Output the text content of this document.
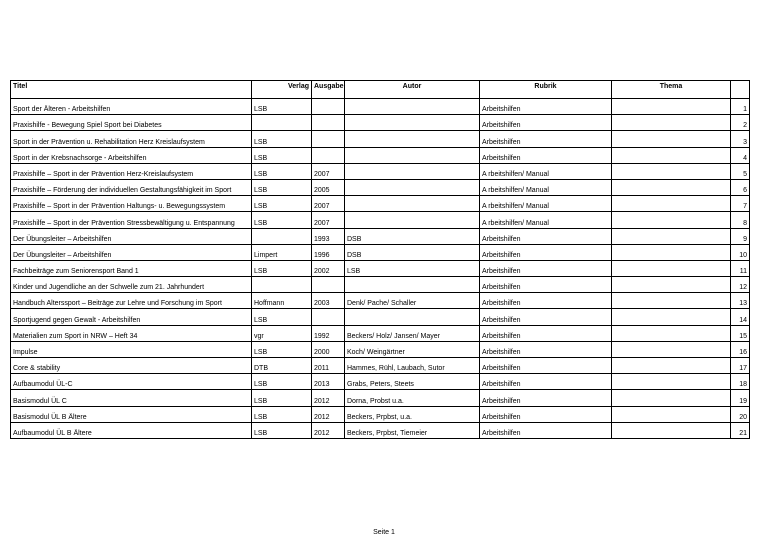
Titel	Verlag	Ausgabe	Autor	Rubrik	Thema	
Sport der Älteren - Arbeitshilfen	LSB			Arbeitshilfen		1
Praxishilfe - Bewegung Spiel Sport bei Diabetes				Arbeitshilfen		2
Sport in der Prävention u. Rehabilitation Herz Kreislaufsystem	LSB			Arbeitshilfen		3
Sport in der Krebsnachsorge - Arbeitshilfen	LSB			Arbeitshilfen		4
Praxishilfe – Sport in der Prävention Herz-Kreislaufsystem	LSB	2007		A rbeitshilfen/ Manual		5
Praxishilfe – Förderung der individuellen Gestaltungsfähigkeit im Sport	LSB	2005		A rbeitshilfen/ Manual		6
Praxishilfe – Sport in der Prävention Haltungs- u. Bewegungssystem	LSB	2007		A rbeitshilfen/ Manual		7
Praxishilfe – Sport in der Prävention Stressbewältigung u. Entspannung	LSB	2007		A rbeitshilfen/ Manual		8
Der Übungsleiter – Arbeitshilfen		1993	DSB	Arbeitshilfen		9
Der Übungsleiter – Arbeitshilfen	Limpert	1996	DSB	Arbeitshilfen		10
Fachbeiträge zum Seniorensport Band 1	LSB	2002	LSB	Arbeitshilfen		11
Kinder und Jugendliche an der Schwelle zum 21. Jahrhundert				Arbeitshilfen		12
Handbuch Alterssport – Beiträge zur Lehre und Forschung im Sport	Hoffmann	2003	Denk/ Pache/ Schaller	Arbeitshilfen		13
Sportjugend gegen Gewalt - Arbeitshilfen	LSB			Arbeitshilfen		14
Materialien zum Sport in NRW – Heft 34	vgr	1992	Beckers/ Holz/ Jansen/ Mayer	Arbeitshilfen		15
Impulse	LSB	2000	Koch/ Weingärtner	Arbeitshilfen		16
Core & stability	DTB	2011	Hammes, Rühl, Laubach, Sutor	Arbeitshilfen		17
Aufbaumodul ÜL-C	LSB	2013	Grabs, Peters, Steets	Arbeitshilfen		18
Basismodul ÜL C	LSB	2012	Dorna, Probst u.a.	Arbeitshilfen		19
Basismodul ÜL B Ältere	LSB	2012	Beckers, Prpbst, u.a.	Arbeitshilfen		20
Aufbaumodul ÜL B Ältere	LSB	2012	Beckers, Prpbst, Tiemeier	Arbeitshilfen		21
Seite 1
